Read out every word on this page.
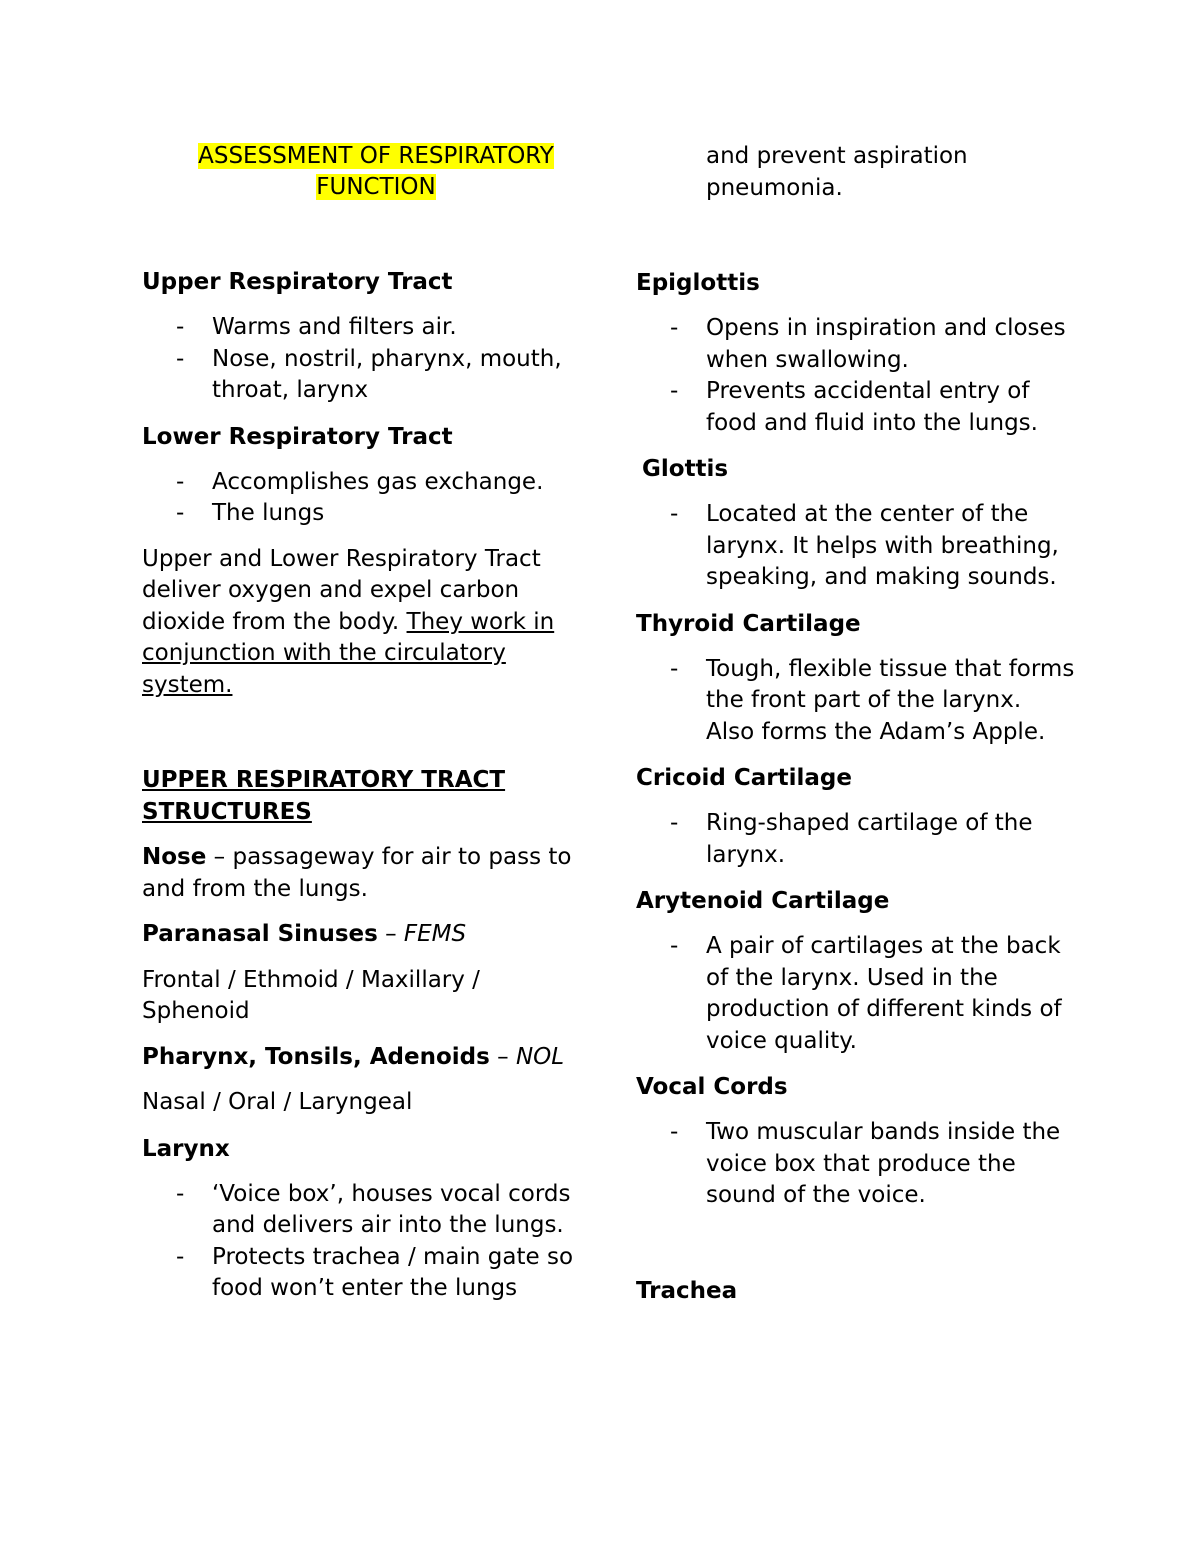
ASSESSMENT OF RESPIRATORY
FUNCTION
Upper Respiratory Tract
- Warms and filters air.
- Nose, nostril, pharynx, mouth, throat, larynx
Lower Respiratory Tract
- Accomplishes gas exchange.
- The lungs

Upper and Lower Respiratory Tract deliver oxygen and expel carbon dioxide from the body. They work in conjunction with the circulatory system.

UPPER RESPIRATORY TRACT STRUCTURES

Nose – passageway for air to pass to and from the lungs.

Paranasal Sinuses – FEMS

Frontal / Ethmoid / Maxillary / Sphenoid

Pharynx, Tonsils, Adenoids – NOL

Nasal / Oral / Laryngeal

Larynx
- ‘Voice box’, houses vocal cords and delivers air into the lungs.
- Protects trachea / main gate so food won’t enter the lungs
and prevent aspiration pneumonia.
Epiglottis
- Opens in inspiration and closes when swallowing.
- Prevents accidental entry of food and fluid into the lungs.
Glottis
- Located at the center of the larynx. It helps with breathing, speaking, and making sounds.
Thyroid Cartilage
- Tough, flexible tissue that forms the front part of the larynx. Also forms the Adam’s Apple.
Cricoid Cartilage
- Ring-shaped cartilage of the larynx.
Arytenoid Cartilage
- A pair of cartilages at the back of the larynx. Used in the production of different kinds of voice quality.
Vocal Cords
- Two muscular bands inside the voice box that produce the sound of the voice.
Trachea
